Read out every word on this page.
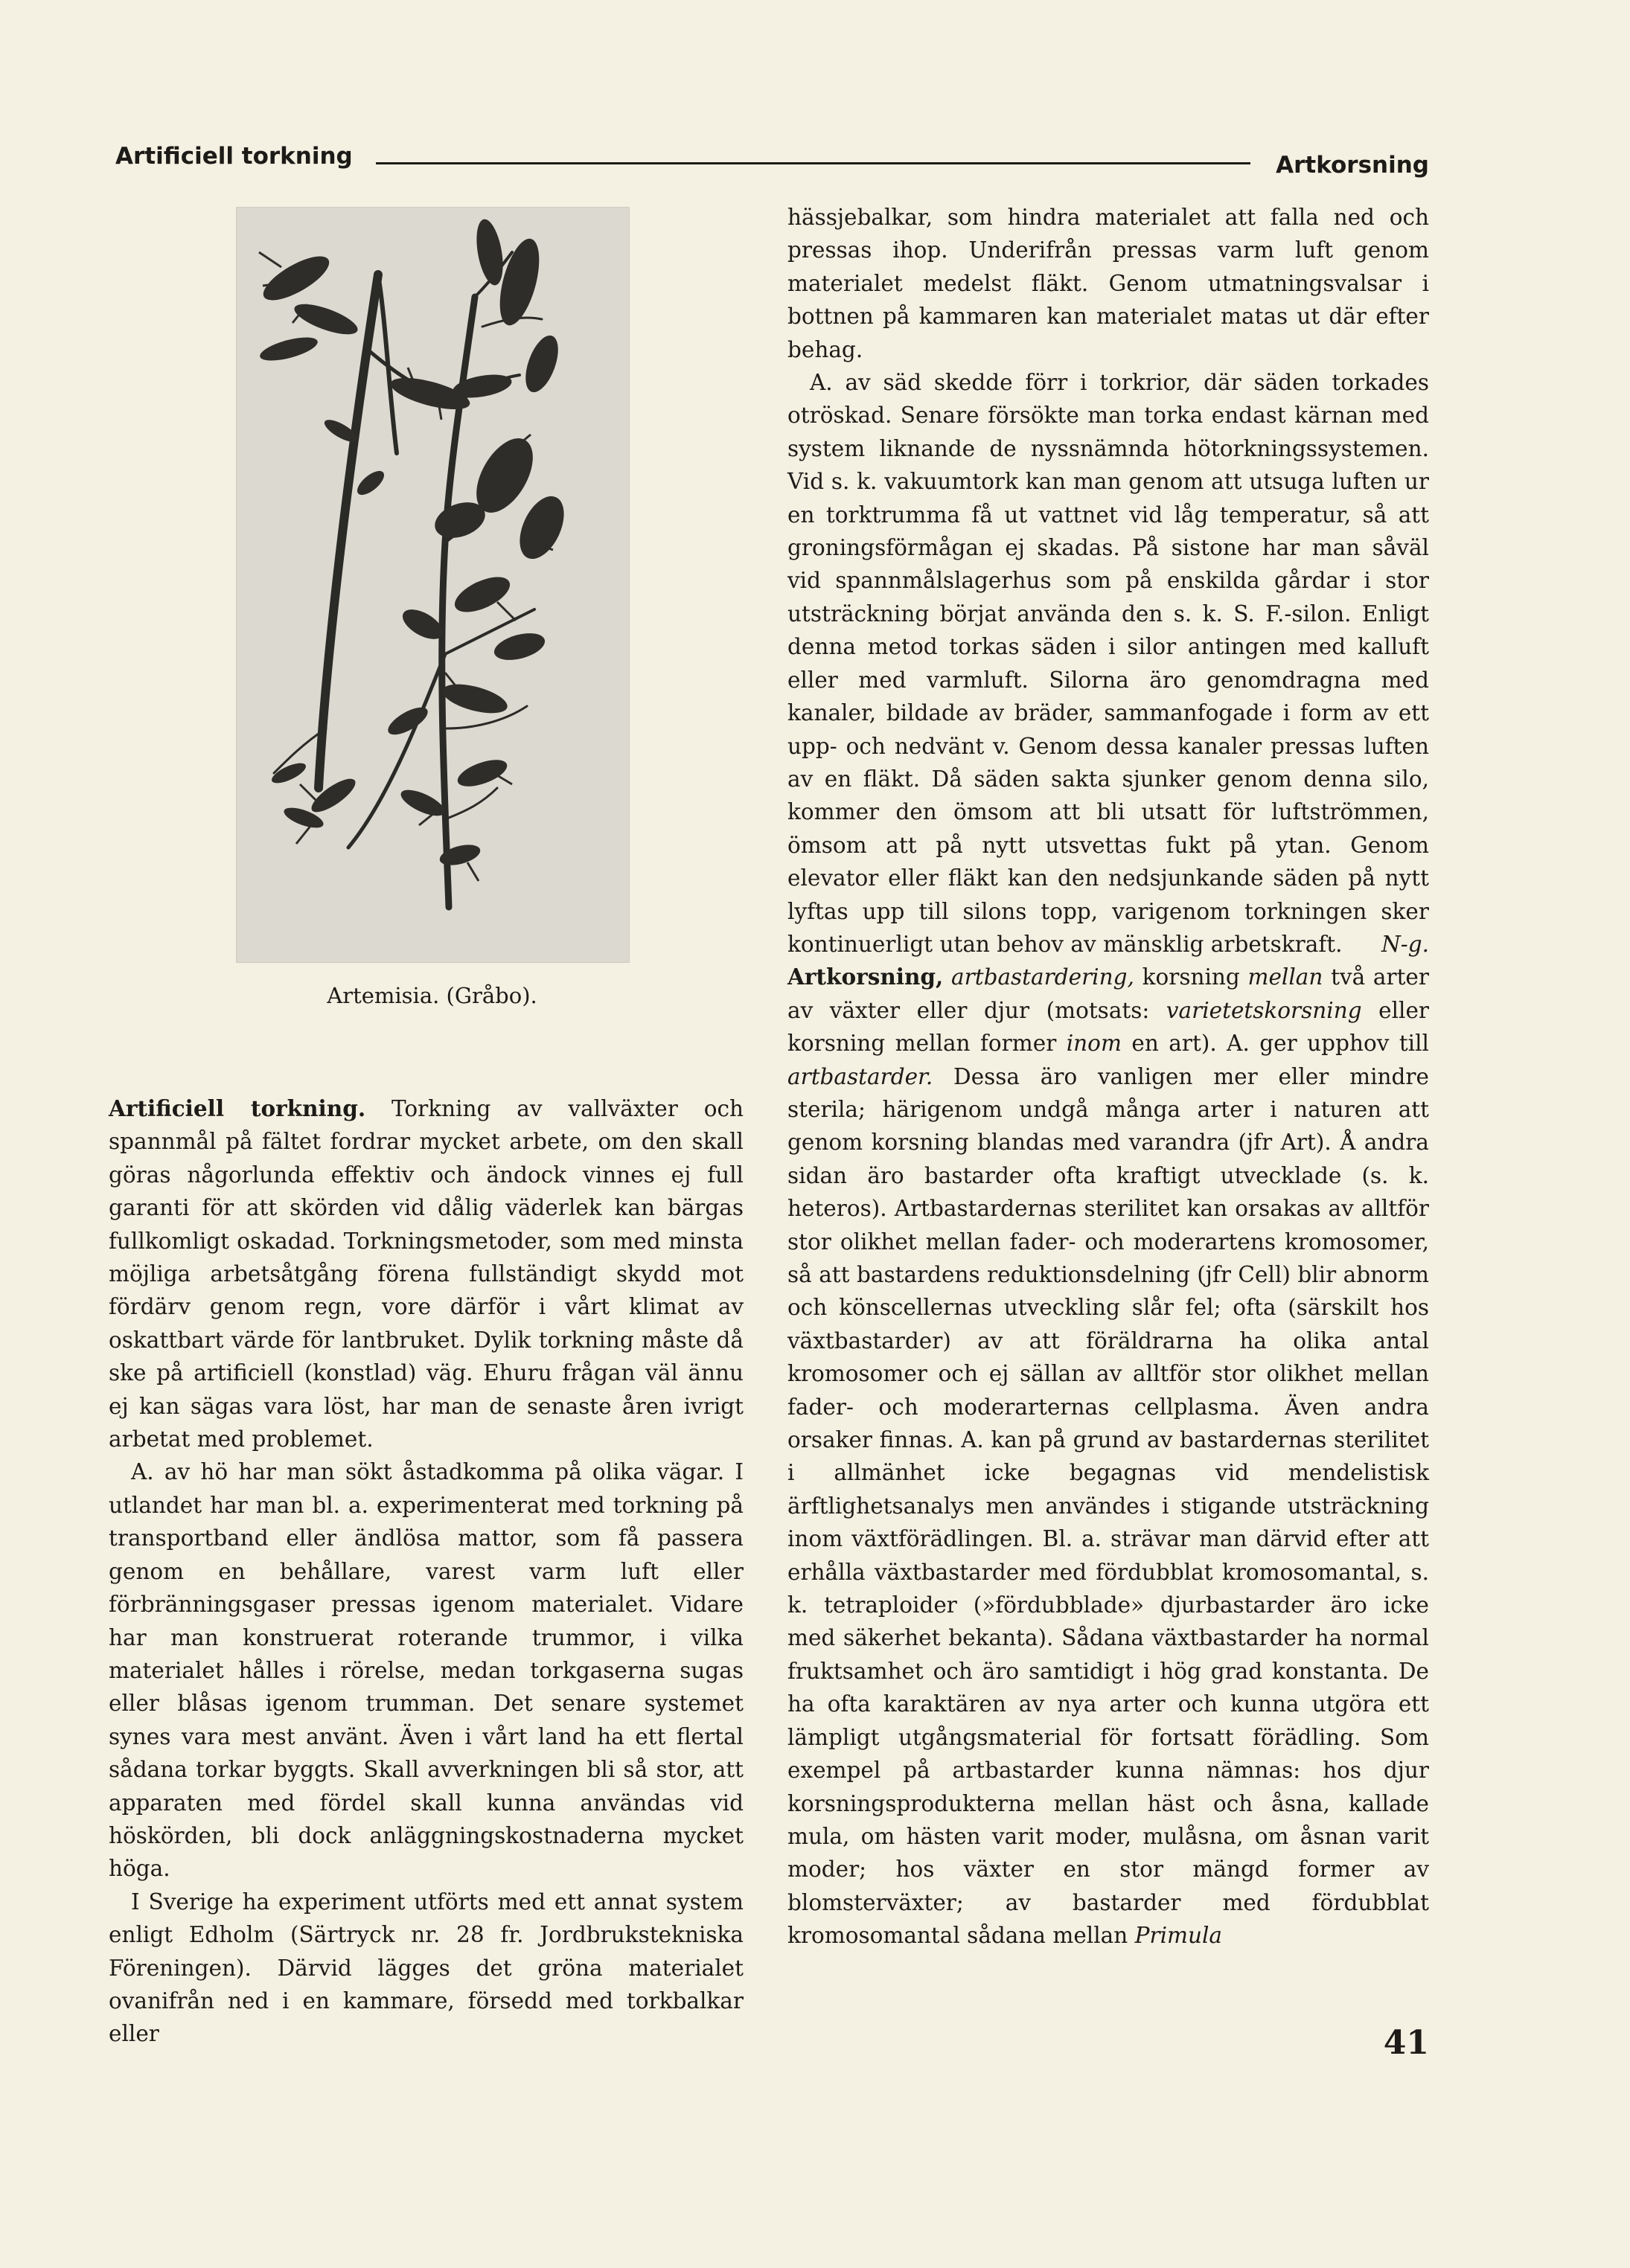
Artificiell torkning	Artkorsning
Artemisia. (Gråbo).

Artificiell torkning. Torkning av vallväxter och spannmål på fältet fordrar mycket arbete, om den skall göras någorlunda effektiv och ändock vinnes ej full garanti för att skörden vid dålig väderlek kan bärgas fullkomligt oskadad. Torkningsmetoder, som med minsta möjliga arbetsåtgång förena fullständigt skydd mot fördärv genom regn, vore därför i vårt klimat av oskattbart värde för lantbruket. Dylik torkning måste då ske på artificiell (konstlad) väg. Ehuru frågan väl ännu ej kan sägas vara löst, har man de senaste åren ivrigt arbetat med problemet.

A. av hö har man sökt åstadkomma på olika vägar. I utlandet har man bl. a. experimenterat med torkning på transportband eller ändlösa mattor, som få passera genom en behållare, varest varm luft eller förbränningsgaser pressas igenom materialet. Vidare har man konstruerat roterande trummor, i vilka materialet hålles i rörelse, medan torkgaserna sugas eller blåsas igenom trumman. Det senare systemet synes vara mest använt. Även i vårt land ha ett flertal sådana torkar byggts. Skall avverkningen bli så stor, att apparaten med fördel skall kunna användas vid höskörden, bli dock anläggningskostnaderna mycket höga.

I Sverige ha experiment utförts med ett annat system enligt Edholm (Särtryck nr. 28 fr. Jordbrukstekniska Föreningen). Därvid lägges det gröna materialet ovanifrån ned i en kammare, försedd med torkbalkar eller

hässjebalkar, som hindra materialet att falla ned och pressas ihop. Underifrån pressas varm luft genom materialet medelst fläkt. Genom utmatningsvalsar i bottnen på kammaren kan materialet matas ut där efter behag.

A. av säd skedde förr i torkrior, där säden torkades otröskad. Senare försökte man torka endast kärnan med system liknande de nyssnämnda hötorkningssystemen. Vid s. k. vakuumtork kan man genom att utsuga luften ur en torktrumma få ut vattnet vid låg temperatur, så att groningsförmågan ej skadas. På sistone har man såväl vid spannmålslagerhus som på enskilda gårdar i stor utsträckning börjat använda den s. k. S. F.-silon. Enligt denna metod torkas säden i silor antingen med kalluft eller med varmluft. Silorna äro genomdragna med kanaler, bildade av bräder, sammanfogade i form av ett upp- och nedvänt v. Genom dessa kanaler pressas luften av en fläkt. Då säden sakta sjunker genom denna silo, kommer den ömsom att bli utsatt för luftströmmen, ömsom att på nytt utsvettas fukt på ytan. Genom elevator eller fläkt kan den nedsjunkande säden på nytt lyftas upp till silons topp, varigenom torkningen sker kontinuerligt utan behov av mänsklig arbetskraft.	N-g.

Artkorsning, artbastardering, korsning mellan två arter av växter eller djur (motsats: varietetskorsning eller korsning mellan former inom en art). A. ger upphov till artbastarder. Dessa äro vanligen mer eller mindre sterila; härigenom undgå många arter i naturen att genom korsning blandas med varandra (jfr Art). Å andra sidan äro bastarder ofta kraftigt utvecklade (s. k. heteros). Artbastardernas sterilitet kan orsakas av alltför stor olikhet mellan fader- och moderartens kromosomer, så att bastardens reduktionsdelning (jfr Cell) blir abnorm och könscellernas utveckling slår fel; ofta (särskilt hos växtbastarder) av att föräldrarna ha olika antal kromosomer och ej sällan av alltför stor olikhet mellan fader- och moderarternas cellplasma. Även andra orsaker finnas. A. kan på grund av bastardernas sterilitet i allmänhet icke begagnas vid mendelistisk ärftlighetsanalys men användes i stigande utsträckning inom växtförädlingen. Bl. a. strävar man därvid efter att erhålla växtbastarder med fördubblat kromosomantal, s. k. tetraploider (»fördubblade» djurbastarder äro icke med säkerhet bekanta). Sådana växtbastarder ha normal fruktsamhet och äro samtidigt i hög grad konstanta. De ha ofta karaktären av nya arter och kunna utgöra ett lämpligt utgångsmaterial för fortsatt förädling. Som exempel på artbastarder kunna nämnas: hos djur korsningsprodukterna mellan häst och åsna, kallade mula, om hästen varit moder, mulåsna, om åsnan varit moder; hos växter en stor mängd former av blomsterväxter; av bastarder med fördubblat kromosomantal sådana mellan Primula

41
